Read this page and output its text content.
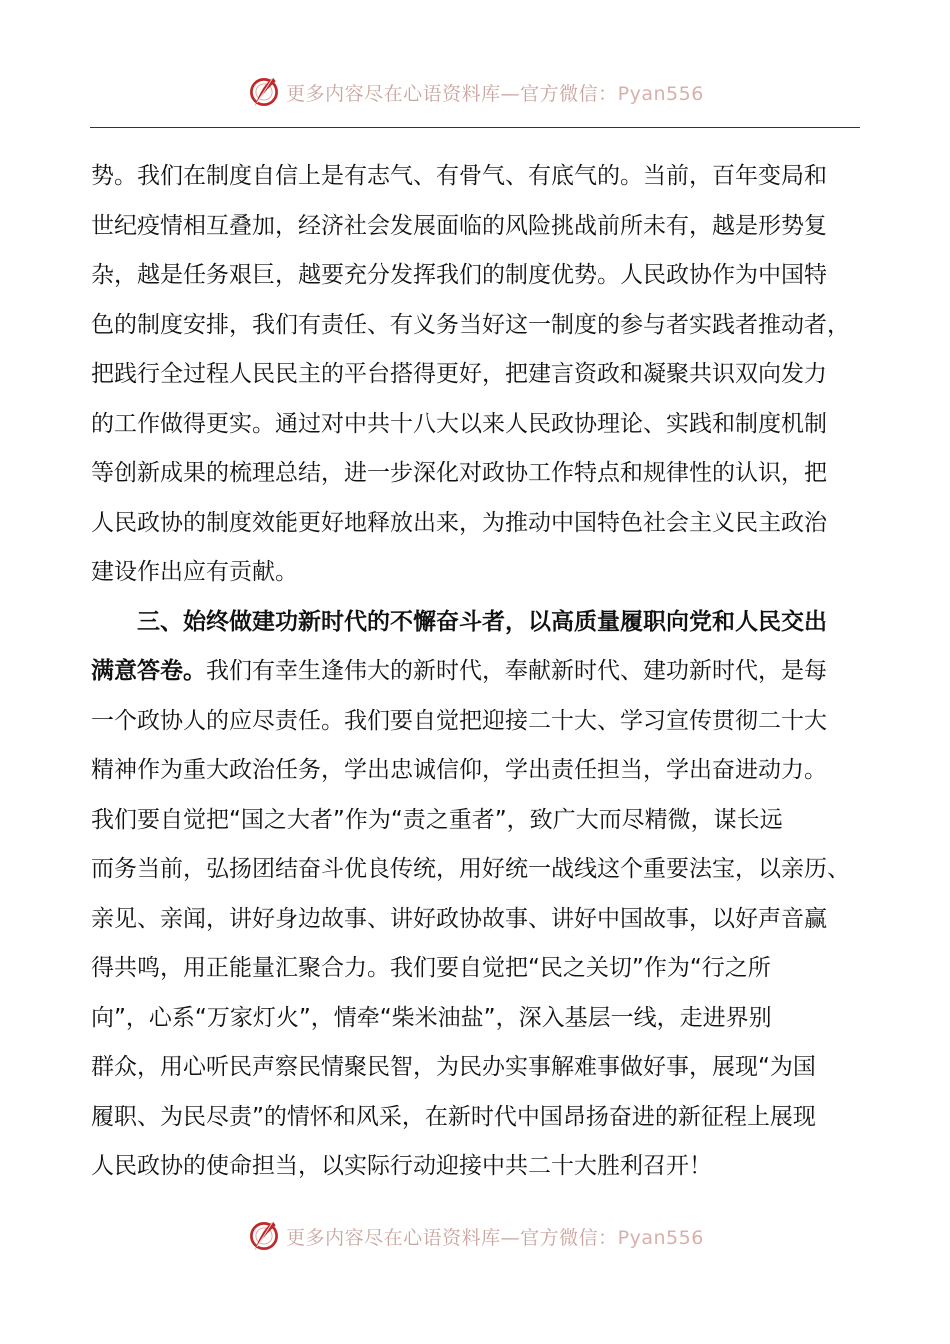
更多内容尽在心语资料库—官方微信：Pyan556
势。我们在制度自信上是有志气、有骨气、有底气的。当前，百年变局和
世纪疫情相互叠加，经济社会发展面临的风险挑战前所未有，越是形势复
杂，越是任务艰巨，越要充分发挥我们的制度优势。人民政协作为中国特
色的制度安排，我们有责任、有义务当好这一制度的参与者实践者推动者，
把践行全过程人民民主的平台搭得更好，把建言资政和凝聚共识双向发力
的工作做得更实。通过对中共十八大以来人民政协理论、实践和制度机制
等创新成果的梳理总结，进一步深化对政协工作特点和规律性的认识，把
人民政协的制度效能更好地释放出来，为推动中国特色社会主义民主政治
建设作出应有贡献。
三、始终做建功新时代的不懈奋斗者，以高质量履职向党和人民交出
满意答卷。我们有幸生逢伟大的新时代，奉献新时代、建功新时代，是每
一个政协人的应尽责任。我们要自觉把迎接二十大、学习宣传贯彻二十大
精神作为重大政治任务，学出忠诚信仰，学出责任担当，学出奋进动力。
我们要自觉把“国之大者”作为“责之重者”，致广大而尽精微，谋长远
而务当前，弘扬团结奋斗优良传统，用好统一战线这个重要法宝，以亲历、
亲见、亲闻，讲好身边故事、讲好政协故事、讲好中国故事，以好声音赢
得共鸣，用正能量汇聚合力。我们要自觉把“民之关切”作为“行之所
向”，心系“万家灯火”，情牵“柴米油盐”，深入基层一线，走进界别
群众，用心听民声察民情聚民智，为民办实事解难事做好事，展现“为国
履职、为民尽责”的情怀和风采，在新时代中国昂扬奋进的新征程上展现
人民政协的使命担当，以实际行动迎接中共二十大胜利召开！
更多内容尽在心语资料库—官方微信：Pyan556
